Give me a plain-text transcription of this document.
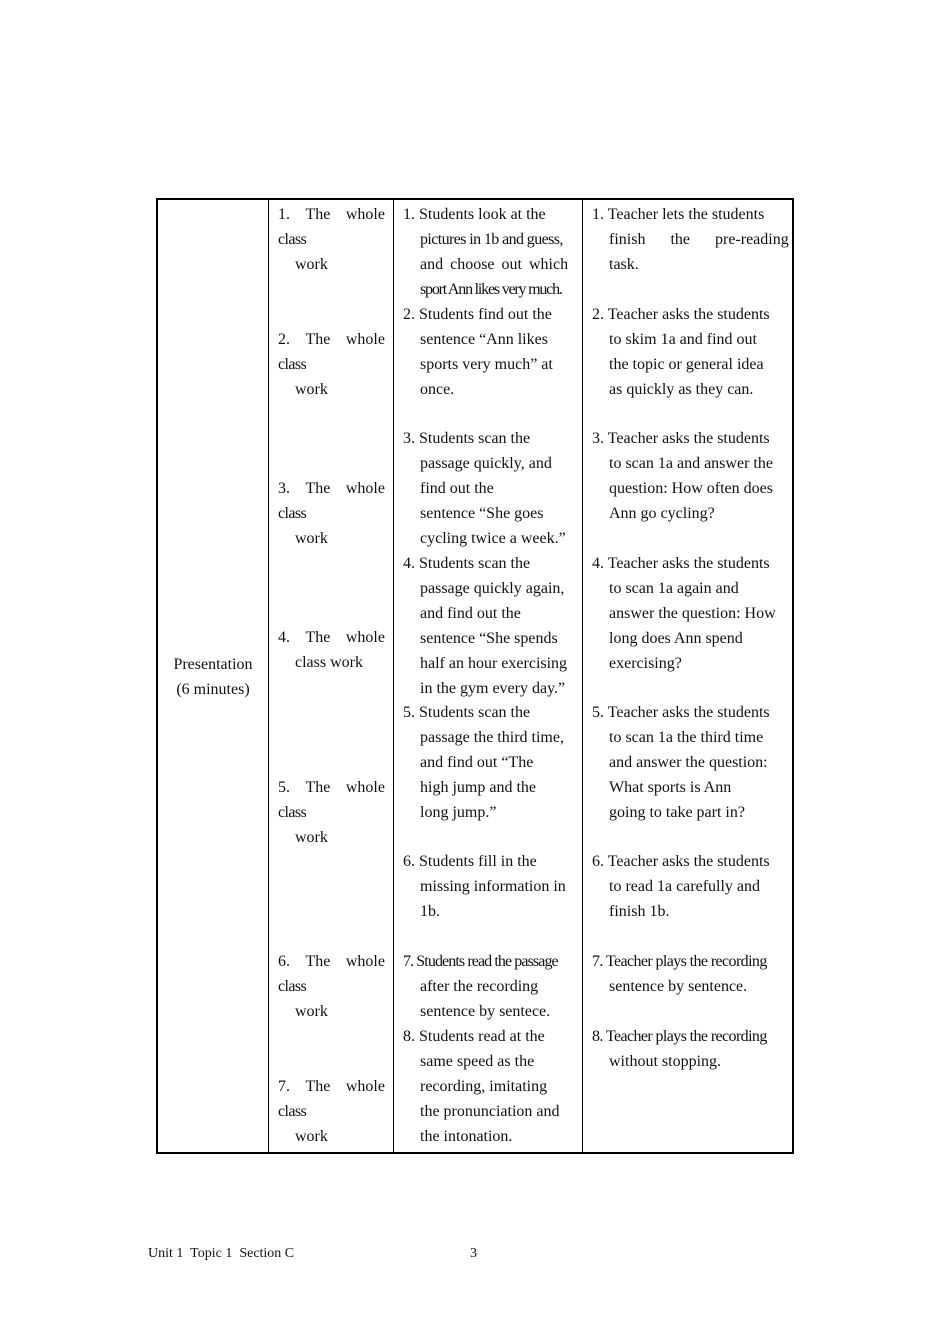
Presentation
(6 minutes)
1. The whole
class
work
2. The whole
class
work
3. The whole
class
work
4. The whole
class work
5. The whole
class
work
6. The whole
class
work
7. The whole
class
work
1. Students look at the
pictures in 1b and guess,
and choose out which
sport Ann likes very much.
2. Students find out the
sentence “Ann likes
sports very much” at
once.
3. Students scan the
passage quickly, and
find out the
sentence “She goes
cycling twice a week.”
4. Students scan the
passage quickly again,
and find out the
sentence “She spends
half an hour exercising
in the gym every day.”
5. Students scan the
passage the third time,
and find out “The
high jump and the
long jump.”
6. Students fill in the
missing information in
1b.
7. Students read the passage
after the recording
sentence by sentece.
8. Students read at the
same speed as the
recording, imitating
the pronunciation and
the intonation.
1. Teacher lets the students
finish the pre-reading
task.
2. Teacher asks the students
to skim 1a and find out
the topic or general idea
as quickly as they can.
3. Teacher asks the students
to scan 1a and answer the
question: How often does
Ann go cycling?
4. Teacher asks the students
to scan 1a again and
answer the question: How
long does Ann spend
exercising?
5. Teacher asks the students
to scan 1a the third time
and answer the question:
What sports is Ann
going to take part in?
6. Teacher asks the students
to read 1a carefully and
finish 1b.
7. Teacher plays the recording
sentence by sentence.
8. Teacher plays the recording
without stopping.
Unit 1  Topic 1  Section C	3
